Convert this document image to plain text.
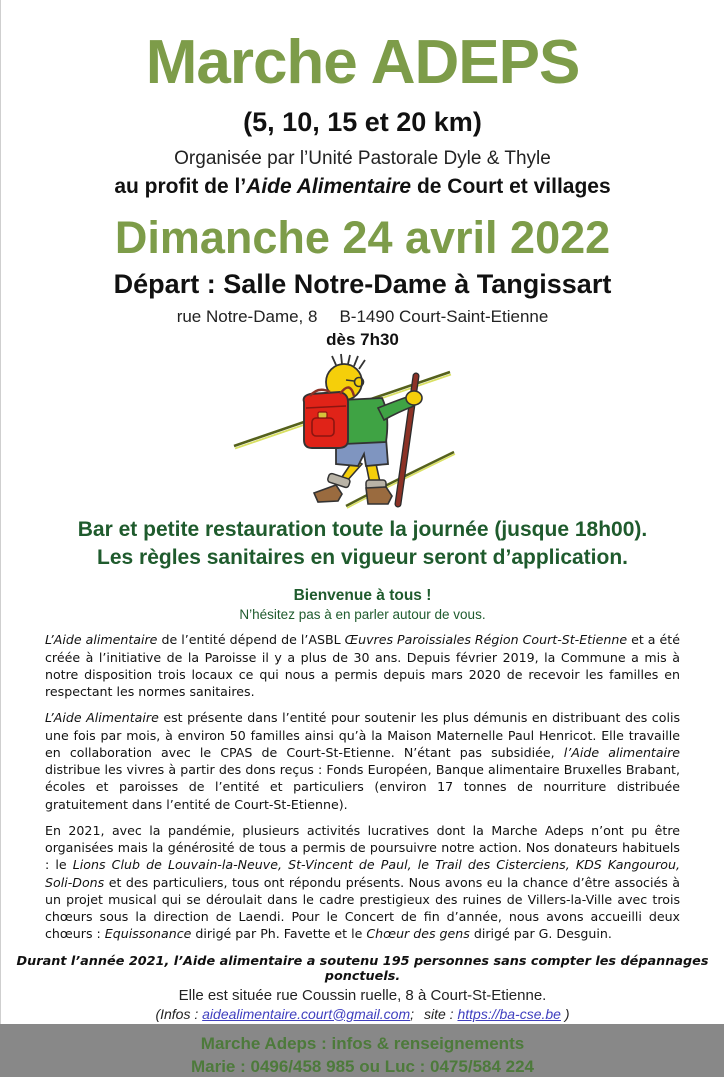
Marche ADEPS
(5, 10, 15 et 20 km)
Organisée par l’Unité Pastorale Dyle & Thyle
au profit de l’Aide Alimentaire de Court et villages
Dimanche 24 avril 2022
Départ : Salle Notre-Dame à Tangissart
rue Notre-Dame, 8 B-1490 Court-Saint-Etienne
dès 7h30
Bar et petite restauration toute la journée (jusque 18h00).
Les règles sanitaires en vigueur seront d’application.
Bienvenue à tous !
N’hésitez pas à en parler autour de vous.

L’Aide alimentaire de l’entité dépend de l’ASBL Œuvres Paroissiales Région Court-St-Etienne et a été créée à l’initiative de la Paroisse il y a plus de 30 ans. Depuis février 2019, la Commune a mis à notre disposition trois locaux ce qui nous a permis depuis mars 2020 de recevoir les familles en respectant les normes sanitaires.

L’Aide Alimentaire est présente dans l’entité pour soutenir les plus démunis en distribuant des colis une fois par mois, à environ 50 familles ainsi qu’à la Maison Maternelle Paul Henricot. Elle travaille en collaboration avec le CPAS de Court-St-Etienne. N’étant pas subsidiée, l’Aide alimentaire distribue les vivres à partir des dons reçus : Fonds Européen, Banque alimentaire Bruxelles Brabant, écoles et paroisses de l’entité et particuliers (environ 17 tonnes de nourriture distribuée gratuitement dans l’entité de Court-St-Etienne).

En 2021, avec la pandémie, plusieurs activités lucratives dont la Marche Adeps n’ont pu être organisées mais la générosité de tous a permis de poursuivre notre action. Nos donateurs habituels : le Lions Club de Louvain-la-Neuve, St-Vincent de Paul, le Trail des Cisterciens, KDS Kangourou, Soli-Dons et des particuliers, tous ont répondu présents. Nous avons eu la chance d’être associés à un projet musical qui se déroulait dans le cadre prestigieux des ruines de Villers-la-Ville avec trois chœurs sous la direction de Laendi. Pour le Concert de fin d’année, nous avons accueilli deux chœurs : Equissonance dirigé par Ph. Favette et le Chœur des gens dirigé par G. Desguin.

Durant l’année 2021, l’Aide alimentaire a soutenu 195 personnes sans compter les dépannages ponctuels.
Elle est située rue Coussin ruelle, 8 à Court-St-Etienne.
(Infos : aidealimentaire.court@gmail.com; site : https://ba-cse.be )
Marche Adeps : infos & renseignements
Marie : 0496/458 985 ou Luc : 0475/584 224
